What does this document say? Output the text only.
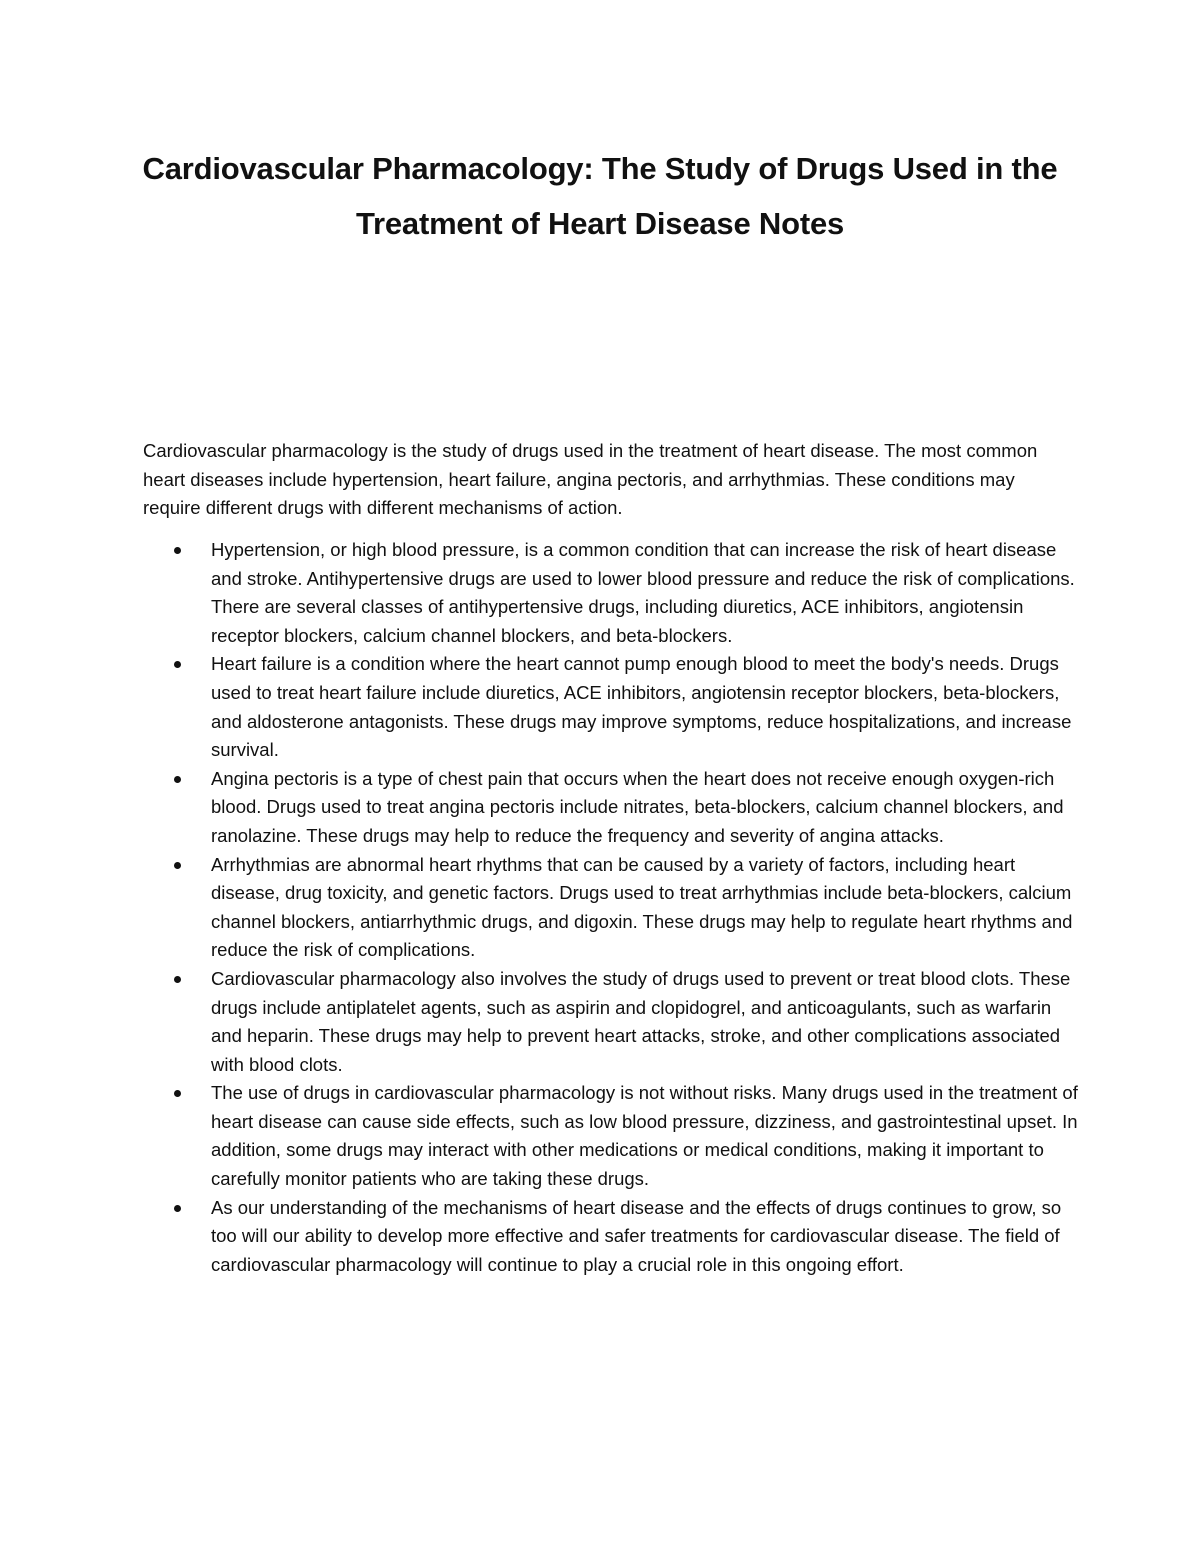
Cardiovascular Pharmacology: The Study of Drugs Used in the Treatment of Heart Disease Notes

Cardiovascular pharmacology is the study of drugs used in the treatment of heart disease. The most common heart diseases include hypertension, heart failure, angina pectoris, and arrhythmias. These conditions may require different drugs with different mechanisms of action.

Hypertension, or high blood pressure, is a common condition that can increase the risk of heart disease and stroke. Antihypertensive drugs are used to lower blood pressure and reduce the risk of complications. There are several classes of antihypertensive drugs, including diuretics, ACE inhibitors, angiotensin receptor blockers, calcium channel blockers, and beta-blockers.
Heart failure is a condition where the heart cannot pump enough blood to meet the body's needs. Drugs used to treat heart failure include diuretics, ACE inhibitors, angiotensin receptor blockers, beta-blockers, and aldosterone antagonists. These drugs may improve symptoms, reduce hospitalizations, and increase survival.
Angina pectoris is a type of chest pain that occurs when the heart does not receive enough oxygen-rich blood. Drugs used to treat angina pectoris include nitrates, beta-blockers, calcium channel blockers, and ranolazine. These drugs may help to reduce the frequency and severity of angina attacks.
Arrhythmias are abnormal heart rhythms that can be caused by a variety of factors, including heart disease, drug toxicity, and genetic factors. Drugs used to treat arrhythmias include beta-blockers, calcium channel blockers, antiarrhythmic drugs, and digoxin. These drugs may help to regulate heart rhythms and reduce the risk of complications.
Cardiovascular pharmacology also involves the study of drugs used to prevent or treat blood clots. These drugs include antiplatelet agents, such as aspirin and clopidogrel, and anticoagulants, such as warfarin and heparin. These drugs may help to prevent heart attacks, stroke, and other complications associated with blood clots.
The use of drugs in cardiovascular pharmacology is not without risks. Many drugs used in the treatment of heart disease can cause side effects, such as low blood pressure, dizziness, and gastrointestinal upset. In addition, some drugs may interact with other medications or medical conditions, making it important to carefully monitor patients who are taking these drugs.
As our understanding of the mechanisms of heart disease and the effects of drugs continues to grow, so too will our ability to develop more effective and safer treatments for cardiovascular disease. The field of cardiovascular pharmacology will continue to play a crucial role in this ongoing effort.
